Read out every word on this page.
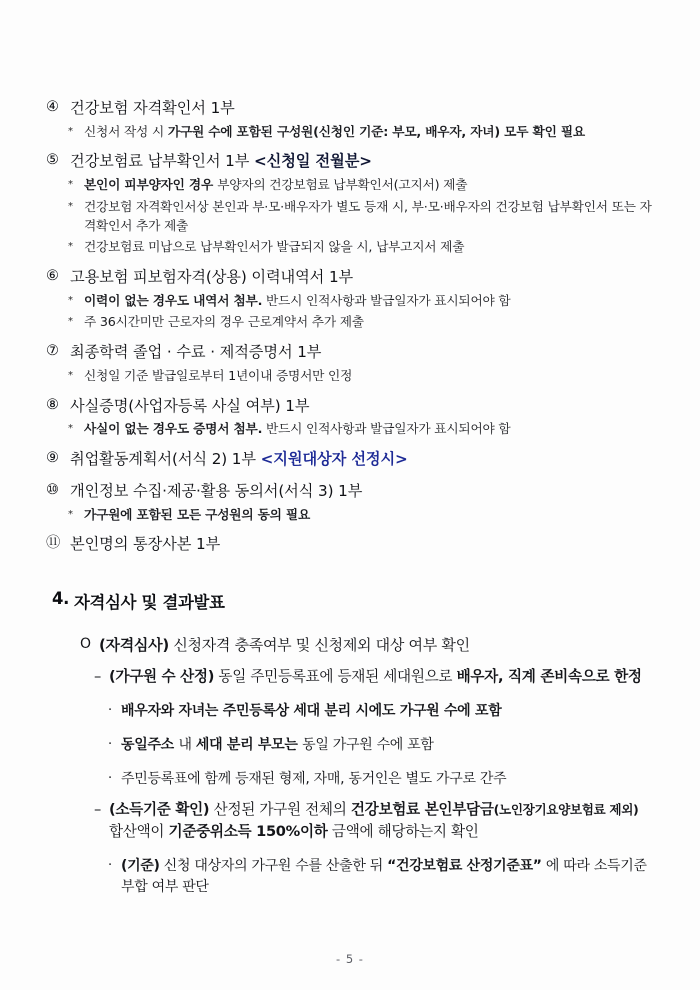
④ 건강보험 자격확인서 1부
* 신청서 작성 시 가구원 수에 포함된 구성원(신청인 기준: 부모, 배우자, 자녀) 모두 확인 필요
⑤ 건강보험료 납부확인서 1부 <신청일 전월분>
* 본인이 피부양자인 경우 부양자의 건강보험료 납부확인서(고지서) 제출
* 건강보험 자격확인서상 본인과 부·모·배우자가 별도 등재 시, 부·모·배우자의 건강보험 납부확인서 또는 자격확인서 추가 제출
* 건강보험료 미납으로 납부확인서가 발급되지 않을 시, 납부고지서 제출
⑥ 고용보험 피보험자격(상용) 이력내역서 1부
* 이력이 없는 경우도 내역서 첨부. 반드시 인적사항과 발급일자가 표시되어야 함
* 주 36시간미만 근로자의 경우 근로계약서 추가 제출
⑦ 최종학력 졸업 · 수료 · 제적증명서 1부
* 신청일 기준 발급일로부터 1년이내 증명서만 인정
⑧ 사실증명(사업자등록 사실 여부) 1부
* 사실이 없는 경우도 증명서 첨부. 반드시 인적사항과 발급일자가 표시되어야 함
⑨ 취업활동계획서(서식 2) 1부 <지원대상자 선정시>
⑩ 개인정보 수집·제공·활용 동의서(서식 3) 1부
* 가구원에 포함된 모든 구성원의 동의 필요
⑪ 본인명의 통장사본 1부
4. 자격심사 및 결과발표
O (자격심사) 신청자격 충족여부 및 신청제외 대상 여부 확인
– (가구원 수 산정) 동일 주민등록표에 등재된 세대원으로 배우자, 직계 존비속으로 한정
· 배우자와 자녀는 주민등록상 세대 분리 시에도 가구원 수에 포함
· 동일주소 내 세대 분리 부모는 동일 가구원 수에 포함
· 주민등록표에 함께 등재된 형제, 자매, 동거인은 별도 가구로 간주
– (소득기준 확인) 산정된 가구원 전체의 건강보험료 본인부담금(노인장기요양보험료 제외) 합산액이 기준중위소득 150%이하 금액에 해당하는지 확인
· (기준) 신청 대상자의 가구원 수를 산출한 뒤 “건강보험료 산정기준표” 에 따라 소득기준 부합 여부 판단
- 5 -
